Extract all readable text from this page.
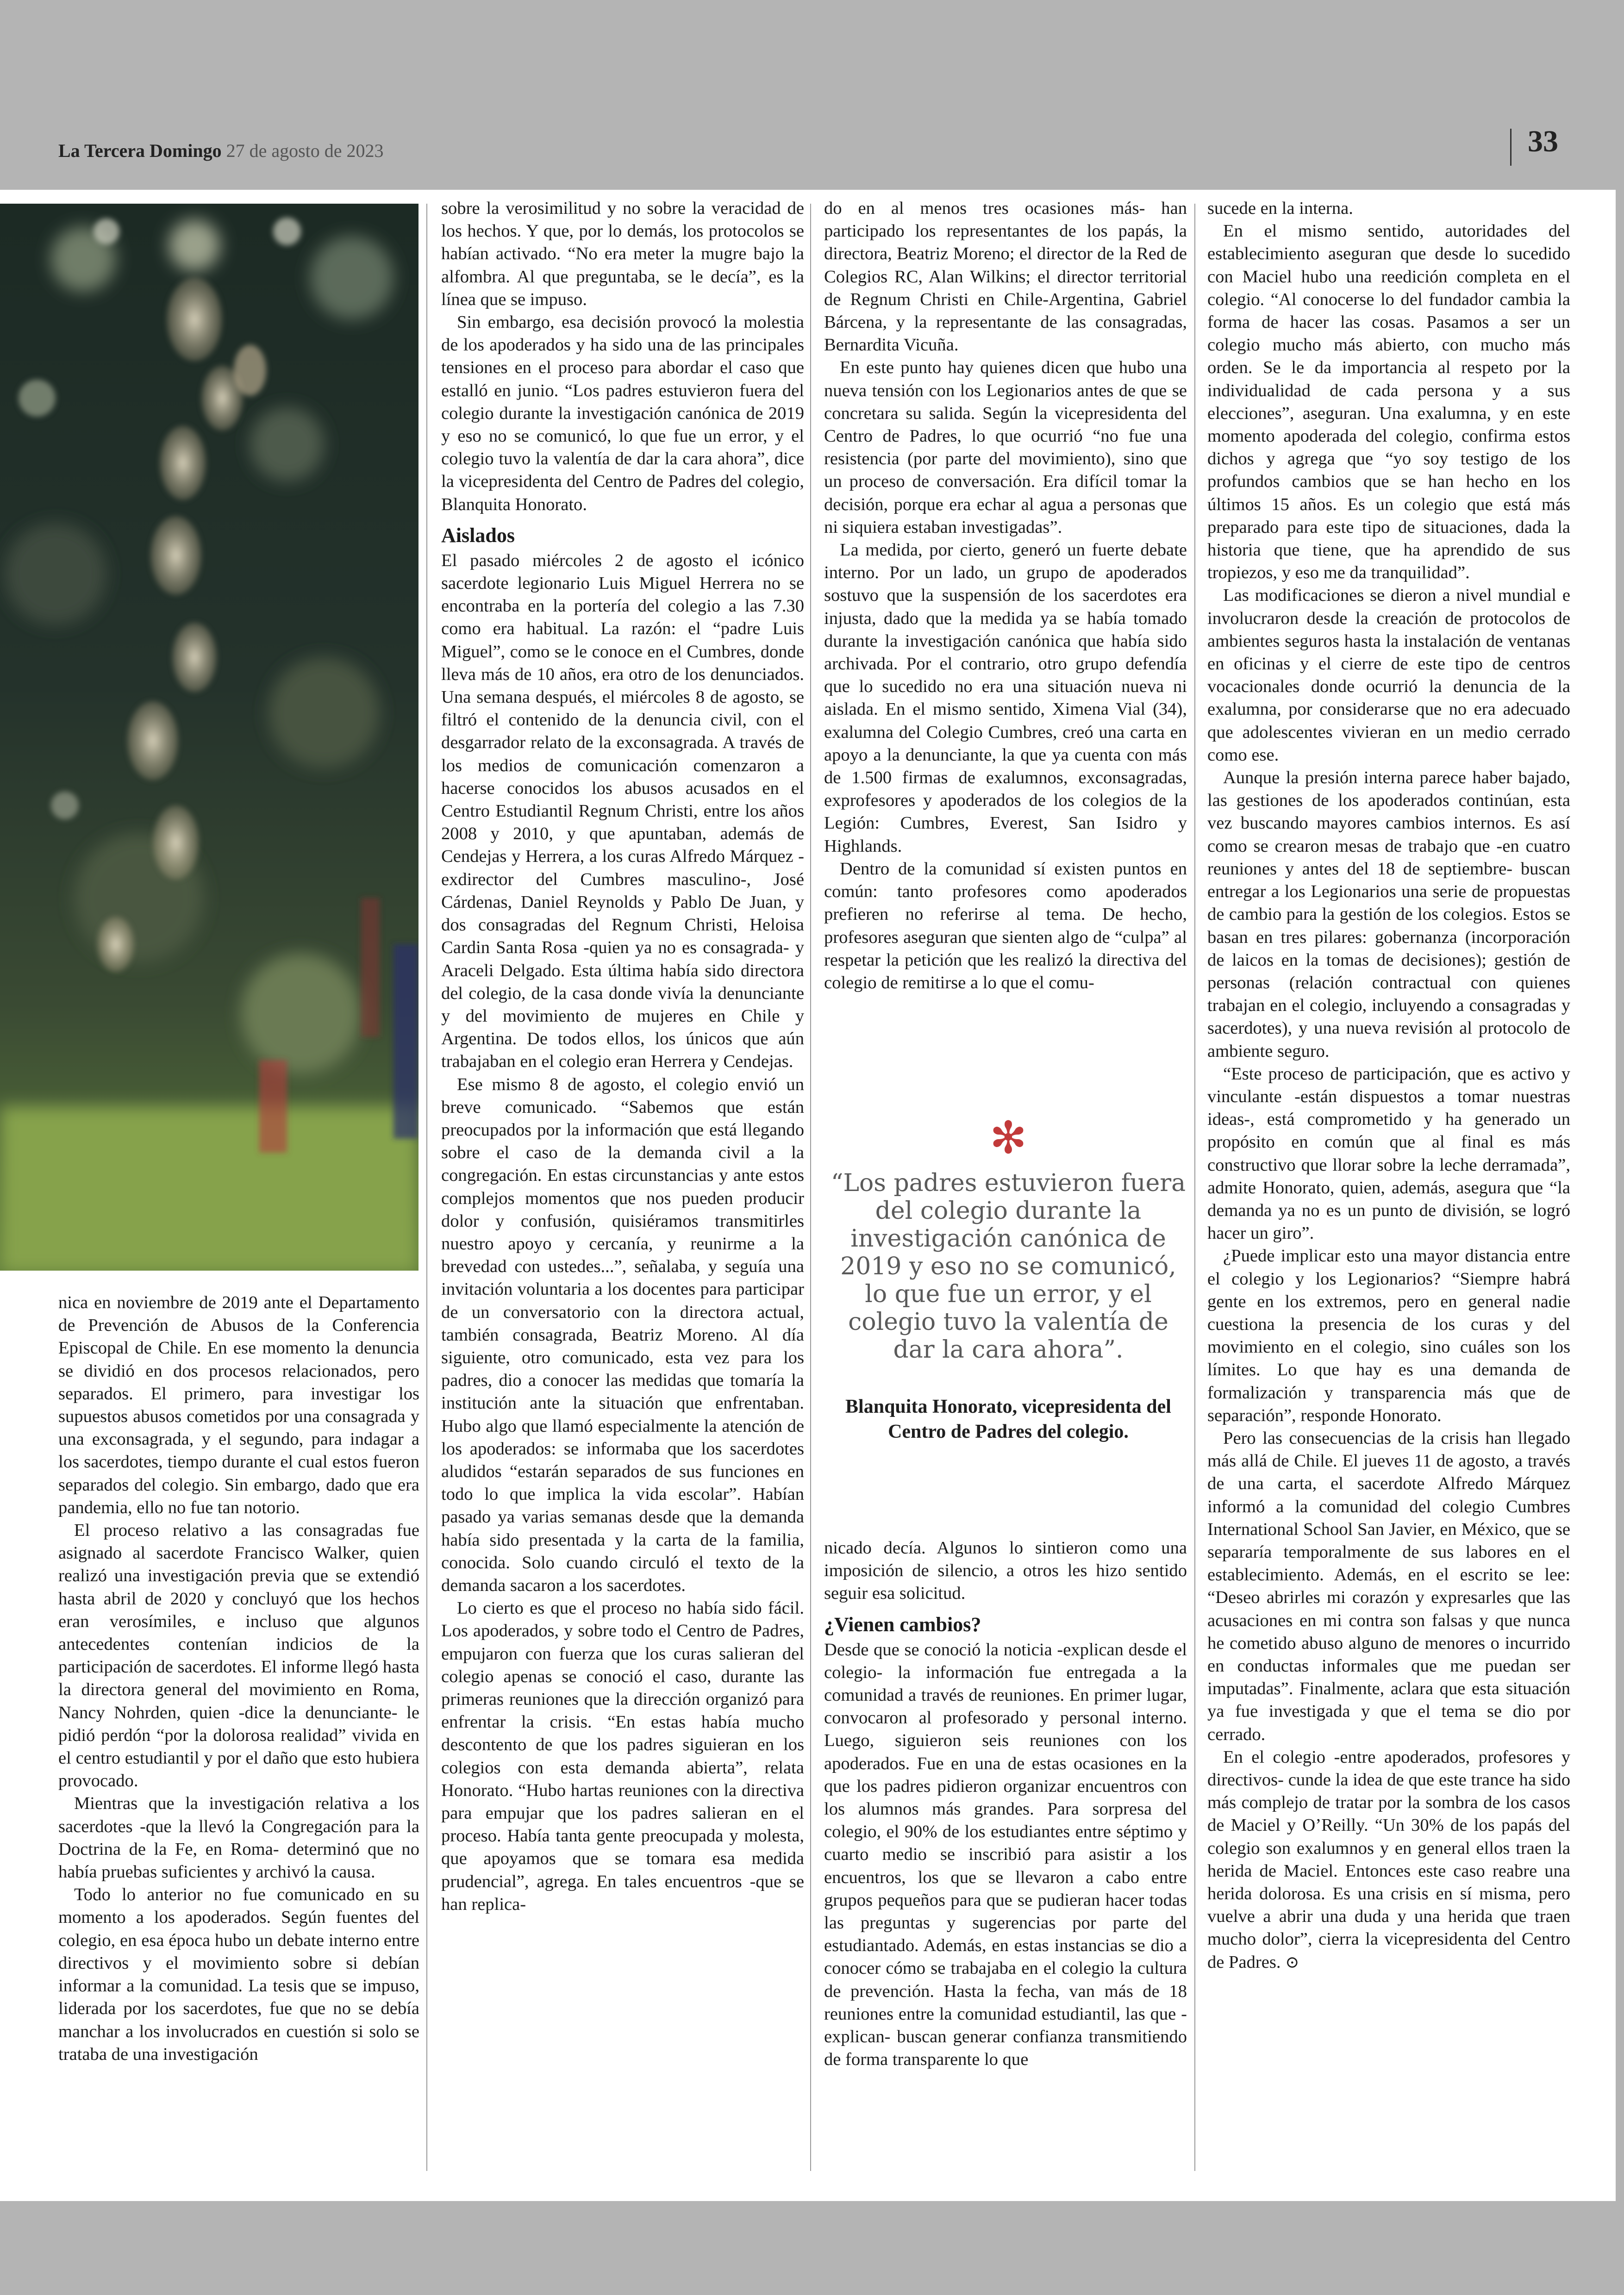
La Tercera Domingo 27 de agosto de 2023	33

nica en noviembre de 2019 ante el Departamento de Prevención de Abusos de la Conferencia Episcopal de Chile. En ese momento la denuncia se dividió en dos procesos relacionados, pero separados. El primero, para investigar los supuestos abusos cometidos por una consagrada y una exconsagrada, y el segundo, para indagar a los sacerdotes, tiempo durante el cual estos fueron separados del colegio. Sin embargo, dado que era pandemia, ello no fue tan notorio.

El proceso relativo a las consagradas fue asignado al sacerdote Francisco Walker, quien realizó una investigación previa que se extendió hasta abril de 2020 y concluyó que los hechos eran verosímiles, e incluso que algunos antecedentes contenían indicios de la participación de sacerdotes. El informe llegó hasta la directora general del movimiento en Roma, Nancy Nohrden, quien -dice la denunciante- le pidió perdón “por la dolorosa realidad” vivida en el centro estudiantil y por el daño que esto hubiera provocado.

Mientras que la investigación relativa a los sacerdotes -que la llevó la Congregación para la Doctrina de la Fe, en Roma- determinó que no había pruebas suficientes y archivó la causa.

Todo lo anterior no fue comunicado en su momento a los apoderados. Según fuentes del colegio, en esa época hubo un debate interno entre directivos y el movimiento sobre si debían informar a la comunidad. La tesis que se impuso, liderada por los sacerdotes, fue que no se debía manchar a los involucrados en cuestión si solo se trataba de una investigación

sobre la verosimilitud y no sobre la veracidad de los hechos. Y que, por lo demás, los protocolos se habían activado. “No era meter la mugre bajo la alfombra. Al que preguntaba, se le decía”, es la línea que se impuso.

Sin embargo, esa decisión provocó la molestia de los apoderados y ha sido una de las principales tensiones en el proceso para abordar el caso que estalló en junio. “Los padres estuvieron fuera del colegio durante la investigación canónica de 2019 y eso no se comunicó, lo que fue un error, y el colegio tuvo la valentía de dar la cara ahora”, dice la vicepresidenta del Centro de Padres del colegio, Blanquita Honorato.

Aislados

El pasado miércoles 2 de agosto el icónico sacerdote legionario Luis Miguel Herrera no se encontraba en la portería del colegio a las 7.30 como era habitual. La razón: el “padre Luis Miguel”, como se le conoce en el Cumbres, donde lleva más de 10 años, era otro de los denunciados. Una semana después, el miércoles 8 de agosto, se filtró el contenido de la denuncia civil, con el desgarrador relato de la exconsagrada. A través de los medios de comunicación comenzaron a hacerse conocidos los abusos acusados en el Centro Estudiantil Regnum Christi, entre los años 2008 y 2010, y que apuntaban, además de Cendejas y Herrera, a los curas Alfredo Márquez -exdirector del Cumbres masculino-, José Cárdenas, Daniel Reynolds y Pablo De Juan, y dos consagradas del Regnum Christi, Heloisa Cardin Santa Rosa -quien ya no es consagrada- y Araceli Delgado. Esta última había sido directora del colegio, de la casa donde vivía la denunciante y del movimiento de mujeres en Chile y Argentina. De todos ellos, los únicos que aún trabajaban en el colegio eran Herrera y Cendejas.

Ese mismo 8 de agosto, el colegio envió un breve comunicado. “Sabemos que están preocupados por la información que está llegando sobre el caso de la demanda civil a la congregación. En estas circunstancias y ante estos complejos momentos que nos pueden producir dolor y confusión, quisiéramos transmitirles nuestro apoyo y cercanía, y reunirme a la brevedad con ustedes...”, señalaba, y seguía una invitación voluntaria a los docentes para participar de un conversatorio con la directora actual, también consagrada, Beatriz Moreno. Al día siguiente, otro comunicado, esta vez para los padres, dio a conocer las medidas que tomaría la institución ante la situación que enfrentaban. Hubo algo que llamó especialmente la atención de los apoderados: se informaba que los sacerdotes aludidos “estarán separados de sus funciones en todo lo que implica la vida escolar”. Habían pasado ya varias semanas desde que la demanda había sido presentada y la carta de la familia, conocida. Solo cuando circuló el texto de la demanda sacaron a los sacerdotes.

Lo cierto es que el proceso no había sido fácil. Los apoderados, y sobre todo el Centro de Padres, empujaron con fuerza que los curas salieran del colegio apenas se conoció el caso, durante las primeras reuniones que la dirección organizó para enfrentar la crisis. “En estas había mucho descontento de que los padres siguieran en los colegios con esta demanda abierta”, relata Honorato. “Hubo hartas reuniones con la directiva para empujar que los padres salieran en el proceso. Había tanta gente preocupada y molesta, que apoyamos que se tomara esa medida prudencial”, agrega. En tales encuentros -que se han replica-

do en al menos tres ocasiones más- han participado los representantes de los papás, la directora, Beatriz Moreno; el director de la Red de Colegios RC, Alan Wilkins; el director territorial de Regnum Christi en Chile-Argentina, Gabriel Bárcena, y la representante de las consagradas, Bernardita Vicuña.

En este punto hay quienes dicen que hubo una nueva tensión con los Legionarios antes de que se concretara su salida. Según la vicepresidenta del Centro de Padres, lo que ocurrió “no fue una resistencia (por parte del movimiento), sino que un proceso de conversación. Era difícil tomar la decisión, porque era echar al agua a personas que ni siquiera estaban investigadas”.

La medida, por cierto, generó un fuerte debate interno. Por un lado, un grupo de apoderados sostuvo que la suspensión de los sacerdotes era injusta, dado que la medida ya se había tomado durante la investigación canónica que había sido archivada. Por el contrario, otro grupo defendía que lo sucedido no era una situación nueva ni aislada. En el mismo sentido, Ximena Vial (34), exalumna del Colegio Cumbres, creó una carta en apoyo a la denunciante, la que ya cuenta con más de 1.500 firmas de exalumnos, exconsagradas, exprofesores y apoderados de los colegios de la Legión: Cumbres, Everest, San Isidro y Highlands.

Dentro de la comunidad sí existen puntos en común: tanto profesores como apoderados prefieren no referirse al tema. De hecho, profesores aseguran que sienten algo de “culpa” al respetar la petición que les realizó la directiva del colegio de remitirse a lo que el comu-

✻
“Los padres estuvieron fuera del colegio durante la investigación canónica de 2019 y eso no se comunicó, lo que fue un error, y el colegio tuvo la valentía de dar la cara ahora”.
Blanquita Honorato, vicepresidenta del Centro de Padres del colegio.

nicado decía. Algunos lo sintieron como una imposición de silencio, a otros les hizo sentido seguir esa solicitud.

¿Vienen cambios?

Desde que se conoció la noticia -explican desde el colegio- la información fue entregada a la comunidad a través de reuniones. En primer lugar, convocaron al profesorado y personal interno. Luego, siguieron seis reuniones con los apoderados. Fue en una de estas ocasiones en la que los padres pidieron organizar encuentros con los alumnos más grandes. Para sorpresa del colegio, el 90% de los estudiantes entre séptimo y cuarto medio se inscribió para asistir a los encuentros, los que se llevaron a cabo entre grupos pequeños para que se pudieran hacer todas las preguntas y sugerencias por parte del estudiantado. Además, en estas instancias se dio a conocer cómo se trabajaba en el colegio la cultura de prevención. Hasta la fecha, van más de 18 reuniones entre la comunidad estudiantil, las que -explican- buscan generar confianza transmitiendo de forma transparente lo que

sucede en la interna.

En el mismo sentido, autoridades del establecimiento aseguran que desde lo sucedido con Maciel hubo una reedición completa en el colegio. “Al conocerse lo del fundador cambia la forma de hacer las cosas. Pasamos a ser un colegio mucho más abierto, con mucho más orden. Se le da importancia al respeto por la individualidad de cada persona y a sus elecciones”, aseguran. Una exalumna, y en este momento apoderada del colegio, confirma estos dichos y agrega que “yo soy testigo de los profundos cambios que se han hecho en los últimos 15 años. Es un colegio que está más preparado para este tipo de situaciones, dada la historia que tiene, que ha aprendido de sus tropiezos, y eso me da tranquilidad”.

Las modificaciones se dieron a nivel mundial e involucraron desde la creación de protocolos de ambientes seguros hasta la instalación de ventanas en oficinas y el cierre de este tipo de centros vocacionales donde ocurrió la denuncia de la exalumna, por considerarse que no era adecuado que adolescentes vivieran en un medio cerrado como ese.

Aunque la presión interna parece haber bajado, las gestiones de los apoderados continúan, esta vez buscando mayores cambios internos. Es así como se crearon mesas de trabajo que -en cuatro reuniones y antes del 18 de septiembre- buscan entregar a los Legionarios una serie de propuestas de cambio para la gestión de los colegios. Estos se basan en tres pilares: gobernanza (incorporación de laicos en la tomas de decisiones); gestión de personas (relación contractual con quienes trabajan en el colegio, incluyendo a consagradas y sacerdotes), y una nueva revisión al protocolo de ambiente seguro.

“Este proceso de participación, que es activo y vinculante -están dispuestos a tomar nuestras ideas-, está comprometido y ha generado un propósito en común que al final es más constructivo que llorar sobre la leche derramada”, admite Honorato, quien, además, asegura que “la demanda ya no es un punto de división, se logró hacer un giro”.

¿Puede implicar esto una mayor distancia entre el colegio y los Legionarios? “Siempre habrá gente en los extremos, pero en general nadie cuestiona la presencia de los curas y del movimiento en el colegio, sino cuáles son los límites. Lo que hay es una demanda de formalización y transparencia más que de separación”, responde Honorato.

Pero las consecuencias de la crisis han llegado más allá de Chile. El jueves 11 de agosto, a través de una carta, el sacerdote Alfredo Márquez informó a la comunidad del colegio Cumbres International School San Javier, en México, que se separaría temporalmente de sus labores en el establecimiento. Además, en el escrito se lee: “Deseo abrirles mi corazón y expresarles que las acusaciones en mi contra son falsas y que nunca he cometido abuso alguno de menores o incurrido en conductas informales que me puedan ser imputadas”. Finalmente, aclara que esta situación ya fue investigada y que el tema se dio por cerrado.

En el colegio -entre apoderados, profesores y directivos- cunde la idea de que este trance ha sido más complejo de tratar por la sombra de los casos de Maciel y O’Reilly. “Un 30% de los papás del colegio son exalumnos y en general ellos traen la herida de Maciel. Entonces este caso reabre una herida dolorosa. Es una crisis en sí misma, pero vuelve a abrir una duda y una herida que traen mucho dolor”, cierra la vicepresidenta del Centro de Padres. ⊙
